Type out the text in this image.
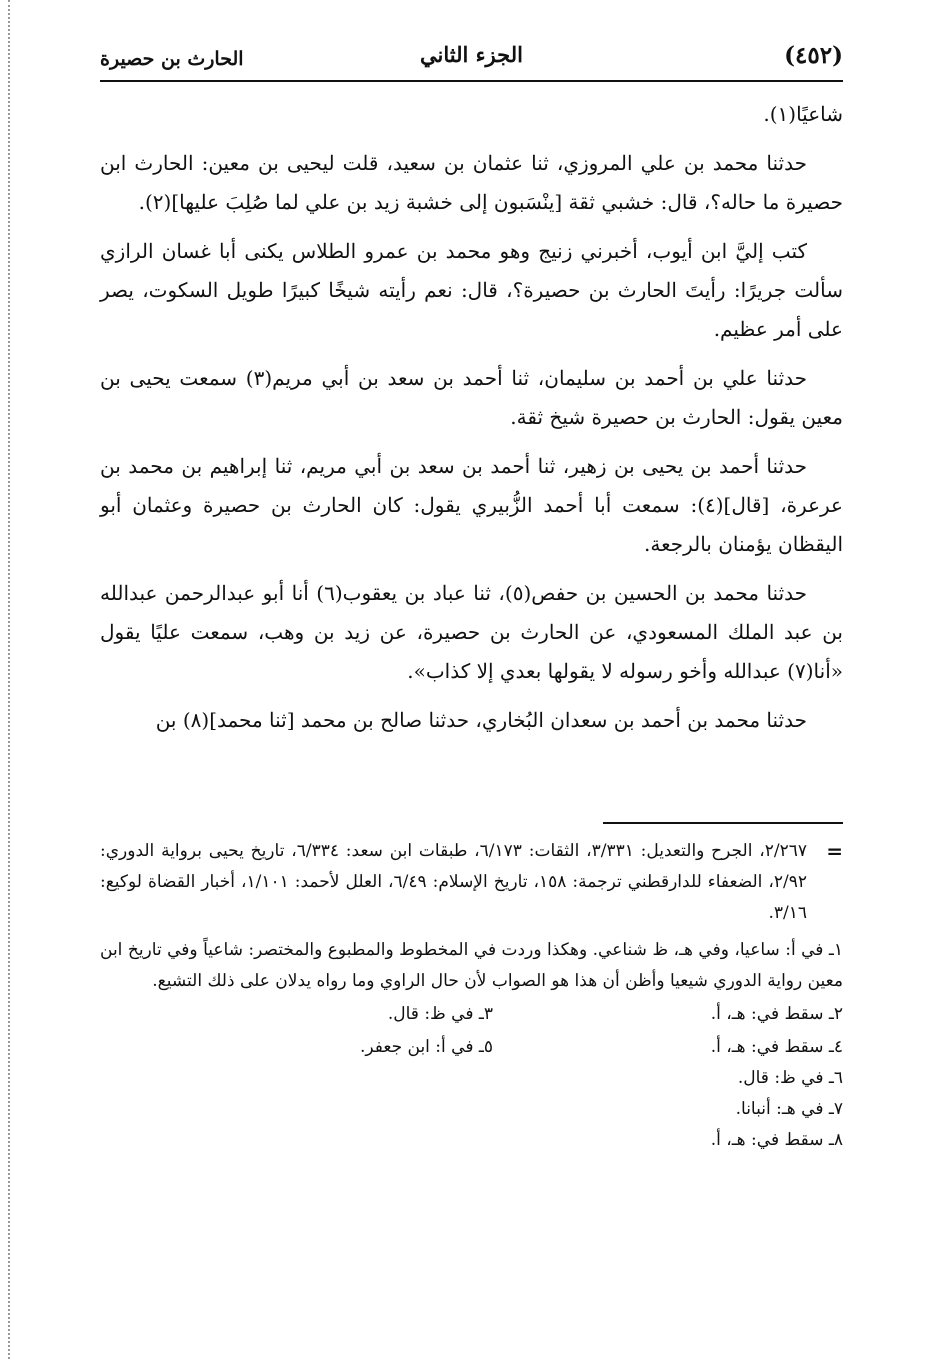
(٤٥٢)
الجزء الثاني
الحارث بن حصيرة

شاعيًا(١).

حدثنا محمد بن علي المروزي، ثنا عثمان بن سعيد، قلت ليحيى بن معين: الحارث ابن حصيرة ما حاله؟، قال: خشبي ثقة [ينْسَبون إلى خشبة زيد بن علي لما صُلِبَ عليها](٢).

كتب إليَّ ابن أيوب، أخبرني زنيج وهو محمد بن عمرو الطلاس يكنى أبا غسان الرازي سألت جريرًا: رأيتَ الحارث بن حصيرة؟، قال: نعم رأيته شيخًا كبيرًا طويل السكوت، يصر على أمر عظيم.

حدثنا علي بن أحمد بن سليمان، ثنا أحمد بن سعد بن أبي مريم(٣) سمعت يحيى بن معين يقول: الحارث بن حصيرة شيخ ثقة.

حدثنا أحمد بن يحيى بن زهير، ثنا أحمد بن سعد بن أبي مريم، ثنا إبراهيم بن محمد بن عرعرة، [قال](٤): سمعت أبا أحمد الزُّبيري يقول: كان الحارث بن حصيرة وعثمان أبو اليقظان يؤمنان بالرجعة.

حدثنا محمد بن الحسين بن حفص(٥)، ثنا عباد بن يعقوب(٦) أنا أبو عبدالرحمن عبدالله بن عبد الملك المسعودي، عن الحارث بن حصيرة، عن زيد بن وهب، سمعت عليًا يقول «أنا(٧) عبدالله وأخو رسوله لا يقولها بعدي إلا كذاب».

حدثنا محمد بن أحمد بن سعدان البُخاري، حدثنا صالح بن محمد [ثنا محمد](٨) بن

=
٢/٢٦٧، الجرح والتعديل: ٣/٣٣١، الثقات: ٦/١٧٣، طبقات ابن سعد: ٦/٣٣٤، تاريخ يحيى برواية الدوري: ٢/٩٢، الضعفاء للدارقطني ترجمة: ١٥٨، تاريخ الإسلام: ٦/٤٩، العلل لأحمد: ١/١٠١، أخبار القضاة لوكيع: ٣/١٦.

١ـ في أ: ساعيا، وفي هـ، ظ شناعي. وهكذا وردت في المخطوط والمطبوع والمختصر: شاعياً وفي تاريخ ابن معين رواية الدوري شيعيا وأظن أن هذا هو الصواب لأن حال الراوي وما رواه يدلان على ذلك التشيع.

٢ـ سقط في: هـ، أ.
٣ـ في ظ: قال.
٤ـ سقط في: هـ، أ.
٥ـ في أ: ابن جعفر.

٦ـ في ظ: قال.

٧ـ في هـ: أنبانا.

٨ـ سقط في: هـ، أ.
